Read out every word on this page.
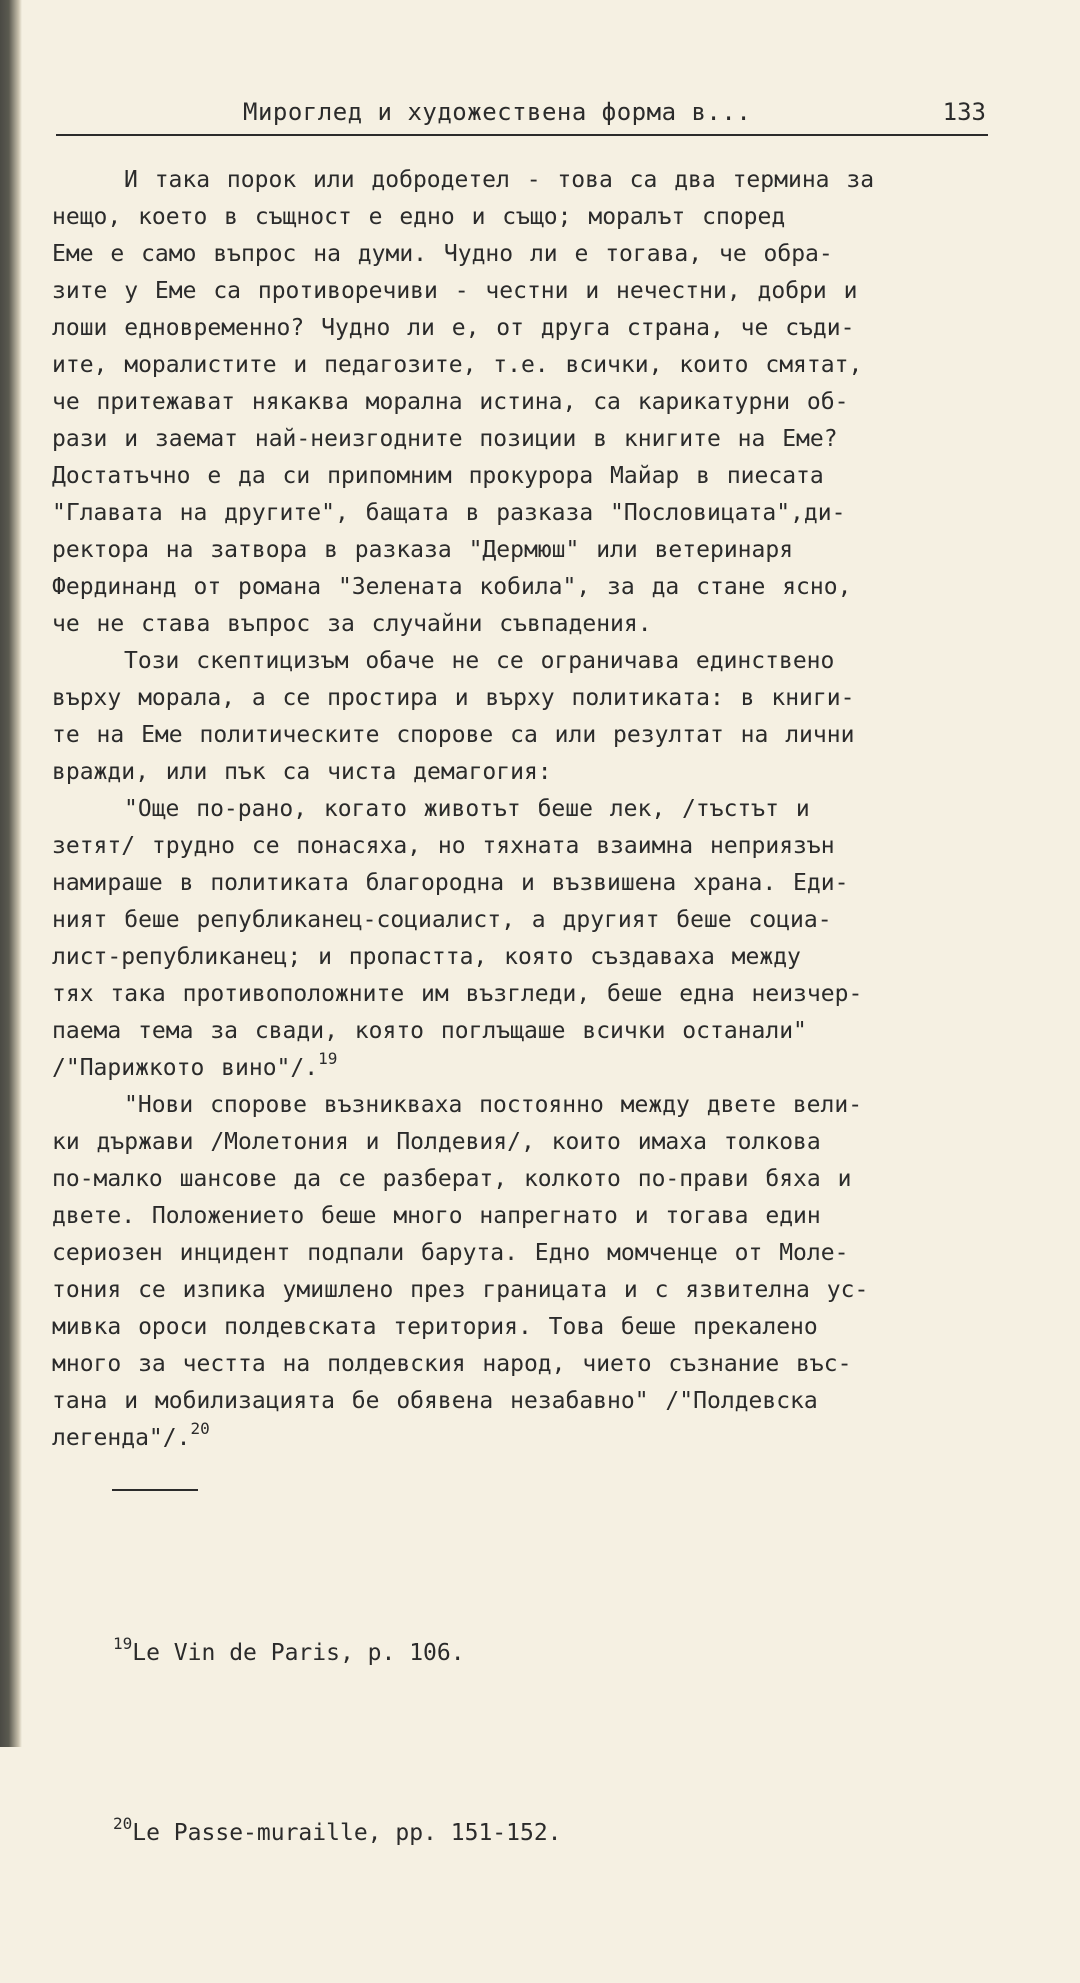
Мироглед и художествена форма в...	133
И така порок или добродетел - това са два термина за
нещо, което в същност е едно и също; моралът според
Еме е само въпрос на думи. Чудно ли е тогава, че обра-
зите у Еме са противоречиви - честни и нечестни, добри и
лоши едновременно? Чудно ли е, от друга страна, че съди-
ите, моралистите и педагозите, т.е. всички, които смятат,
че притежават някаква морална истина, са карикатурни об-
рази и заемат най-неизгодните позиции в книгите на Еме?
Достатъчно е да си припомним прокурора Майар в пиесата
"Главата на другите", бащата в разказа "Пословицата",ди-
ректора на затвора в разказа "Дермюш" или ветеринаря
Фердинанд от романа "Зелената кобила", за да стане ясно,
че не става въпрос за случайни съвпадения.
Този скептицизъм обаче не се ограничава единствено
върху морала, а се простира и върху политиката: в книги-
те на Еме политическите спорове са или резултат на лични
вражди, или пък са чиста демагогия:
"Още по-рано, когато животът беше лек, /тъстът и
зетят/ трудно се понасяха, но тяхната взаимна неприязън
намираше в политиката благородна и възвишена храна. Еди-
ният беше републиканец-социалист, а другият беше социа-
лист-републиканец; и пропастта, която създаваха между
тях така противоположните им възгледи, беше една неизчер-
паема тема за свади, която поглъщаше всички останали"
/"Парижкото вино"/.$^{19}$
"Нови спорове възникваха постоянно между двете вели-
ки държави /Молетония и Полдевия/, които имаха толкова
по-малко шансове да се разберат, колкото по-прави бяха и
двете. Положението беше много напрегнато и тогава един
сериозен инцидент подпали барута. Едно момченце от Моле-
тония се изпика умишлено през границата и с язвителна ус-
мивка ороси полдевската територия. Това беше прекалено
много за честта на полдевския народ, чието съзнание въс-
тана и мобилизацията бе обявена незабавно" /"Полдевска
легенда"/.$^{20}$

$^{19}$Le Vin de Paris, p. 106.

$^{20}$Le Passe-muraille, pp. 151-152.
